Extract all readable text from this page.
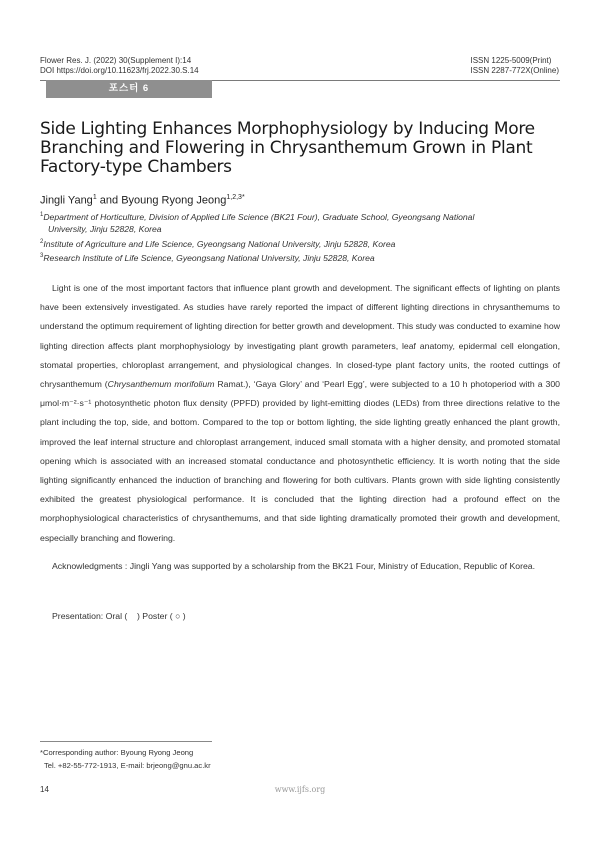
Flower Res. J. (2022) 30(Supplement I):14
DOI https://doi.org/10.11623/frj.2022.30.S.14
ISSN 1225-5009(Print)
ISSN 2287-772X(Online)
포스터 6
Side Lighting Enhances Morphophysiology by Inducing More Branching and Flowering in Chrysanthemum Grown in Plant Factory-type Chambers
Jingli Yang$^1$ and Byoung Ryong Jeong$^{1,2,3*}$
$^1$Department of Horticulture, Division of Applied Life Science (BK21 Four), Graduate School, Gyeongsang National
University, Jinju 52828, Korea
$^2$Institute of Agriculture and Life Science, Gyeongsang National University, Jinju 52828, Korea
$^3$Research Institute of Life Science, Gyeongsang National University, Jinju 52828, Korea
Light is one of the most important factors that influence plant growth and development. The significant effects of lighting on plants have been extensively investigated. As studies have rarely reported the impact of different lighting directions in chrysanthemums to understand the optimum requirement of lighting direction for better growth and development. This study was conducted to examine how lighting direction affects plant morphophysiology by investigating plant growth parameters, leaf anatomy, epidermal cell elongation, stomatal properties, chloroplast arrangement, and physiological changes. In closed-type plant factory units, the rooted cuttings of chrysanthemum (Chrysanthemum morifolium Ramat.), ‘Gaya Glory’ and ‘Pearl Egg’, were subjected to a 10 h photoperiod with a 300 μmol·m⁻²·s⁻¹ photosynthetic photon flux density (PPFD) provided by light-emitting diodes (LEDs) from three directions relative to the plant including the top, side, and bottom. Compared to the top or bottom lighting, the side lighting greatly enhanced the plant growth, improved the leaf internal structure and chloroplast arrangement, induced small stomata with a higher density, and promoted stomatal opening which is associated with an increased stomatal conductance and photosynthetic efficiency. It is worth noting that the side lighting significantly enhanced the induction of branching and flowering for both cultivars. Plants grown with side lighting consistently exhibited the greatest physiological performance. It is concluded that the lighting direction had a profound effect on the morphophysiological characteristics of chrysanthemums, and that side lighting dramatically promoted their growth and development, especially branching and flowering.
Acknowledgments : Jingli Yang was supported by a scholarship from the BK21 Four, Ministry of Education, Republic of Korea.
Presentation: Oral (    ) Poster ( ○ )
*Corresponding author: Byoung Ryong Jeong
Tel. +82-55-772-1913, E-mail: brjeong@gnu.ac.kr
14	www.ijfs.org
